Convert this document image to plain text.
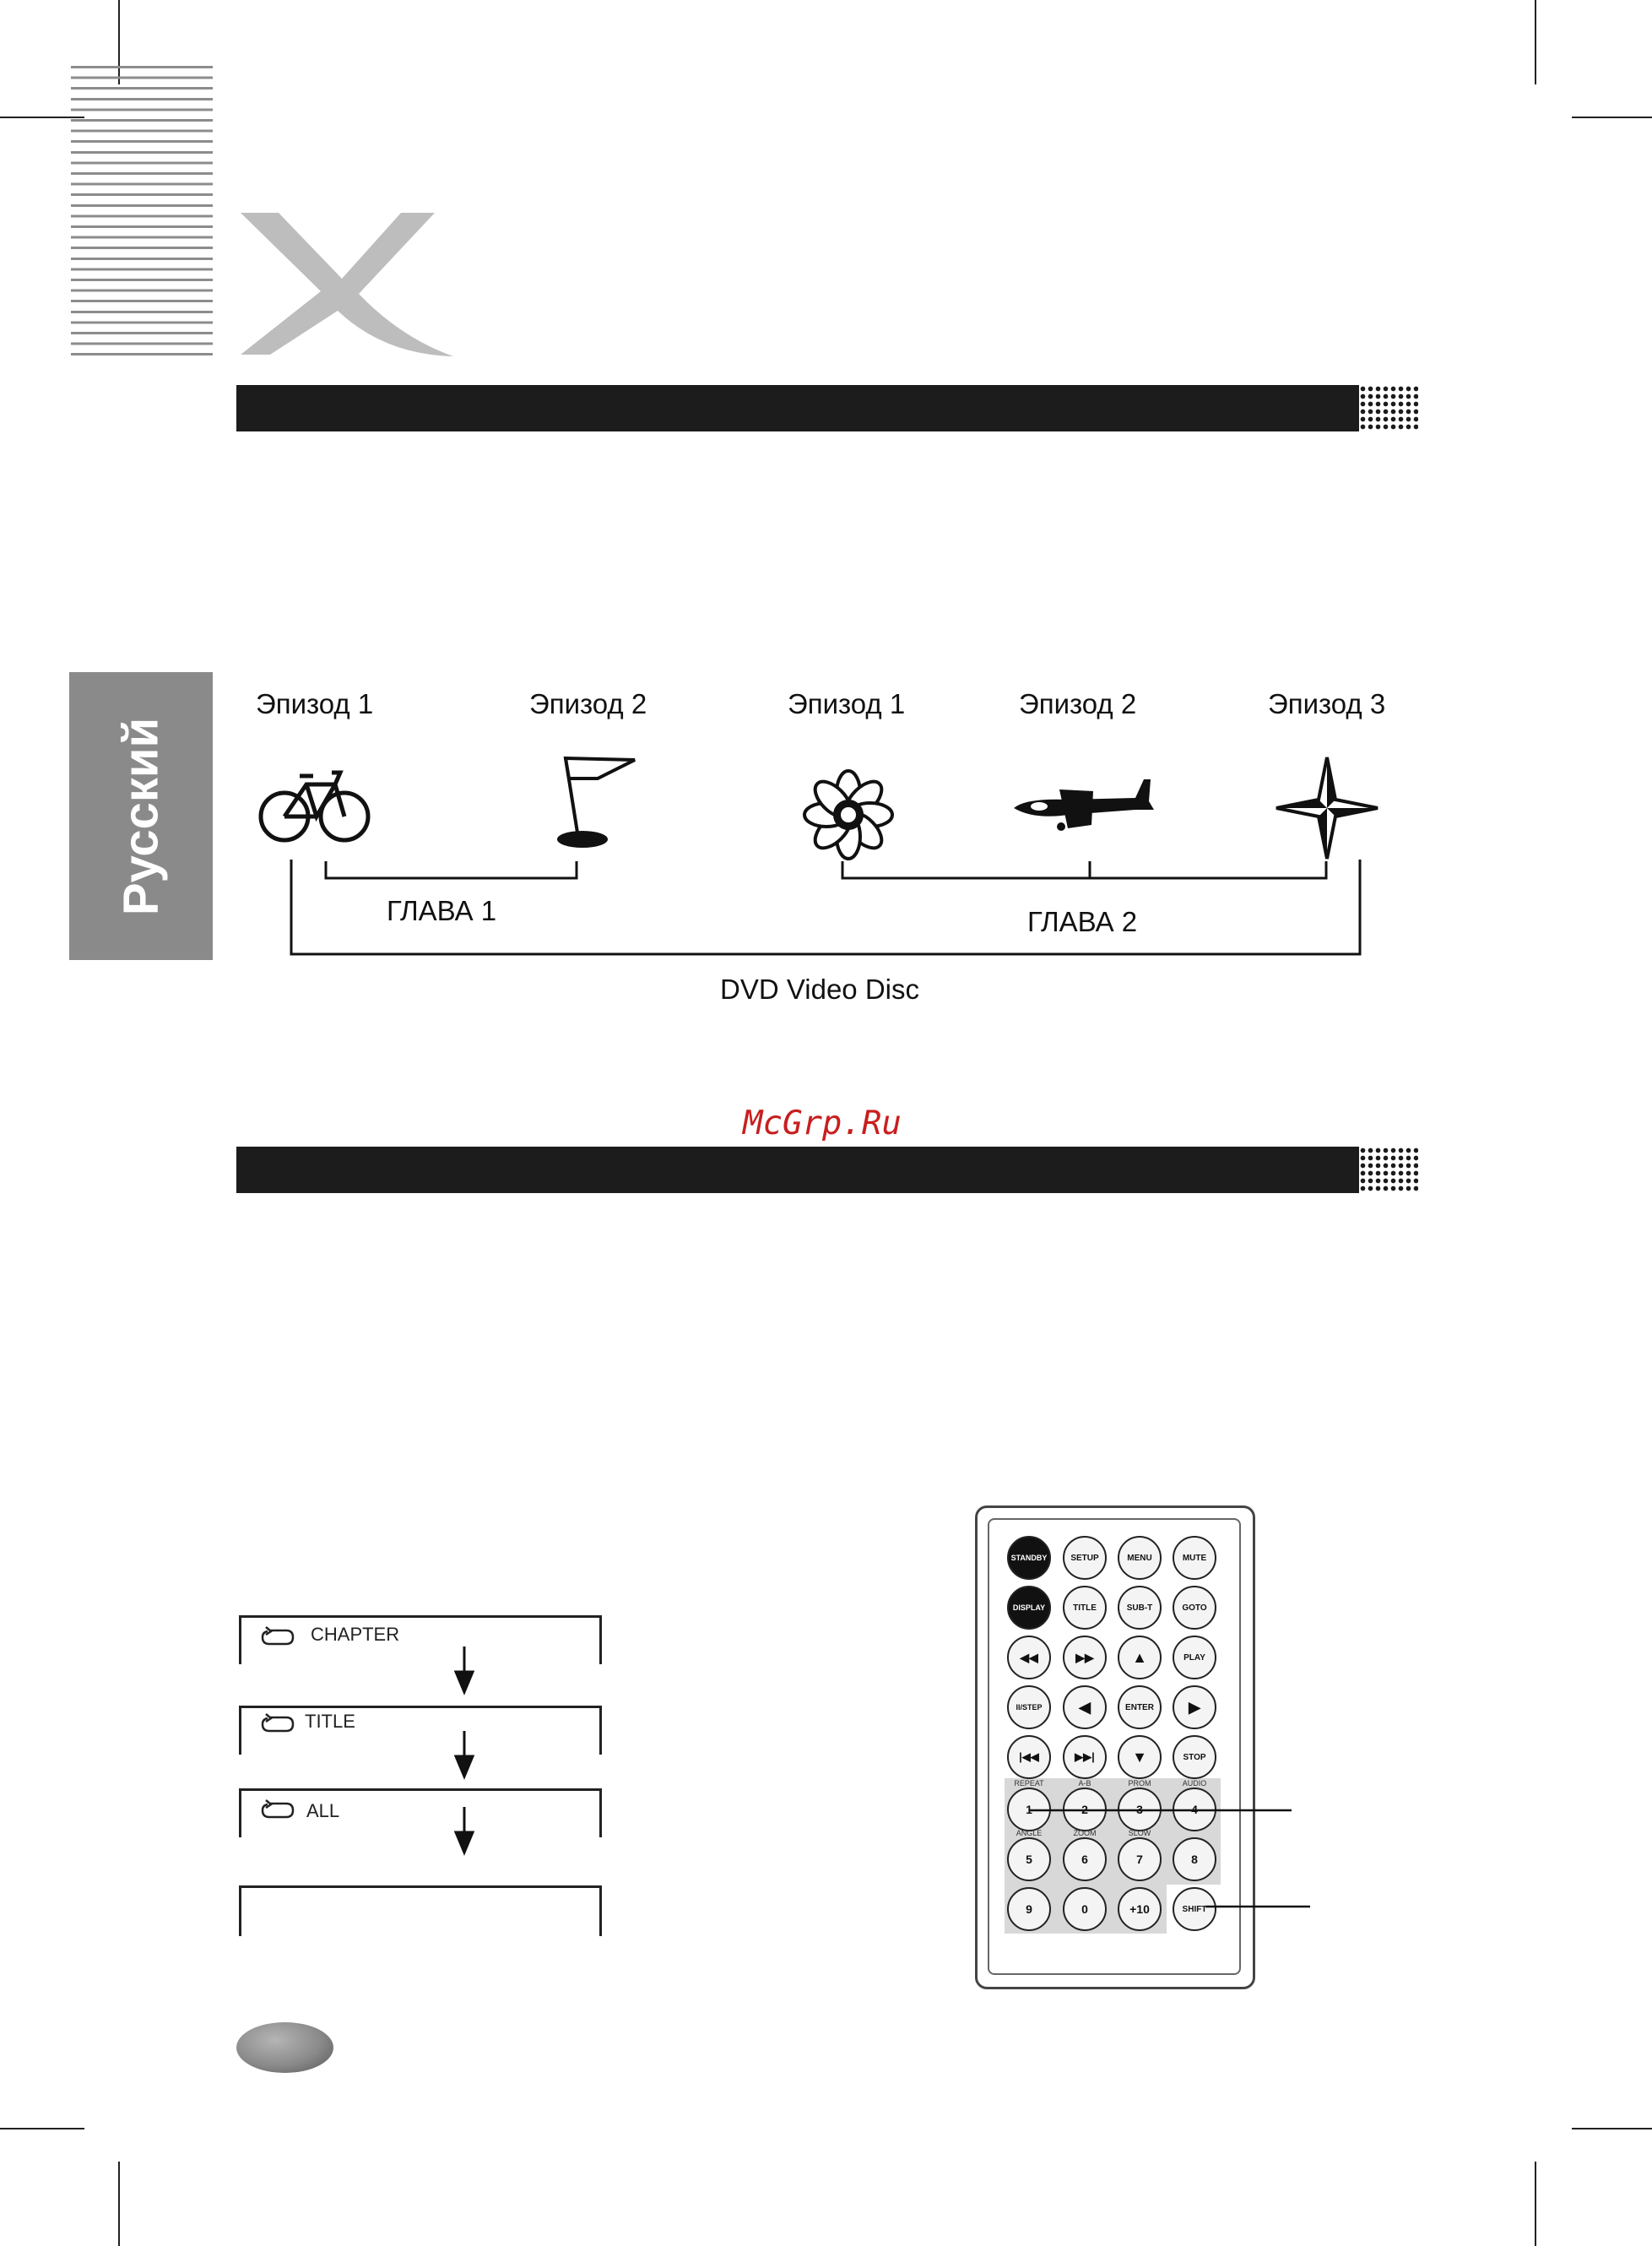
Русский
Эпизод 1	Эпизод 2	Эпизод 1	Эпизод 2	Эпизод 3
ГЛАВА 1	ГЛАВА 2
DVD Video Disc
McGrp.Ru
CHAPTER
TITLE
ALL
STANDBY	SETUP	MENU	MUTE
DISPLAY	TITLE	SUB-T	GOTO
◀◀	▶▶	▲	PLAY
II/STEP	◀	ENTER	▶
|◀◀	▶▶|	▼	STOP
REPEAT	A-B	PROM	AUDIO
1	2	3	4
ANGLE	ZOOM	SLOW
5	6	7	8
9	0	+10	SHIFT
